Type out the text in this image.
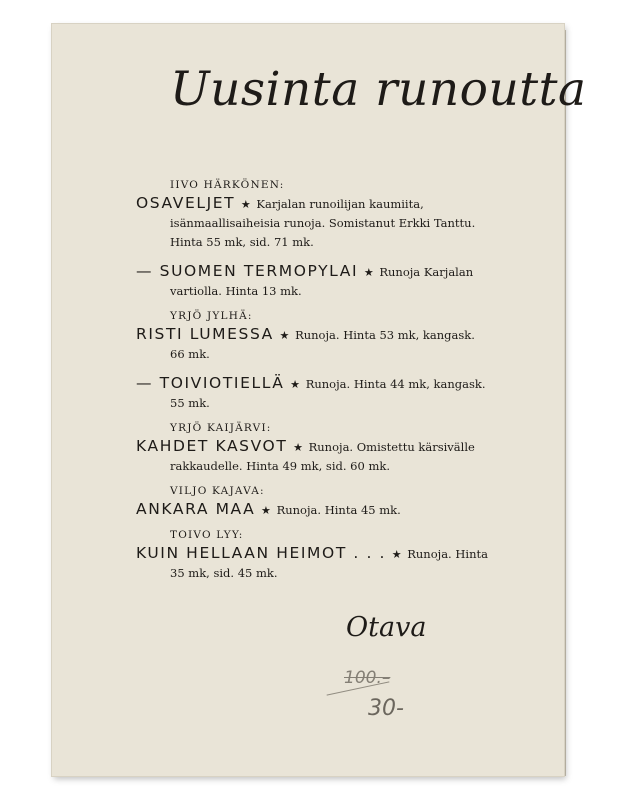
Uusinta runoutta
IIVO HÄRKÖNEN:
OSAVELJET ★ Karjalan runoilijan kaumiita, isänmaallisaiheisia runoja. Somistanut Erkki Tanttu. Hinta 55 mk, sid. 71 mk.
— SUOMEN TERMOPYLAI ★ Runoja Karjalan vartiolla. Hinta 13 mk.
YRJÖ JYLHÄ:
RISTI LUMESSA ★ Runoja. Hinta 53 mk, kangask. 66 mk.
— TOIVIOTIELLÄ ★ Runoja. Hinta 44 mk, kangask. 55 mk.
YRJÖ KAIJÄRVI:
KAHDET KASVOT ★ Runoja. Omistettu kärsivälle rakkaudelle. Hinta 49 mk, sid. 60 mk.
VILJO KAJAVA:
ANKARA MAA ★ Runoja. Hinta 45 mk.
TOIVO LYY:
KUIN HELLAAN HEIMOT . . . ★ Runoja. Hinta 35 mk, sid. 45 mk.
Otava
100.–
30-
